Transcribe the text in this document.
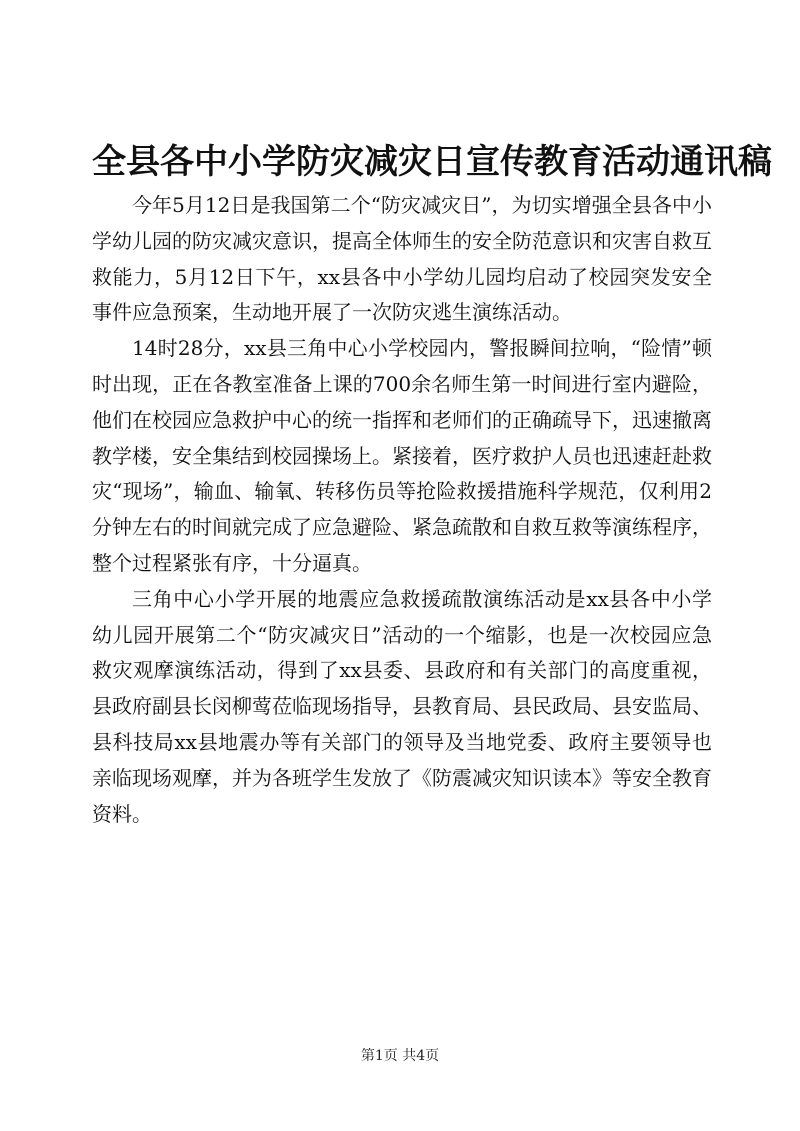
全县各中小学防灾减灾日宣传教育活动通讯稿

今年5月12日是我国第二个“防灾减灾日”，为切实增强全县各中小学幼儿园的防灾减灾意识，提高全体师生的安全防范意识和灾害自救互救能力，5月12日下午，xx县各中小学幼儿园均启动了校园突发安全事件应急预案，生动地开展了一次防灾逃生演练活动。

14时28分，xx县三角中心小学校园内，警报瞬间拉响，“险情”顿时出现，正在各教室准备上课的700余名师生第一时间进行室内避险，他们在校园应急救护中心的统一指挥和老师们的正确疏导下，迅速撤离教学楼，安全集结到校园操场上。紧接着，医疗救护人员也迅速赶赴救灾“现场”，输血、输氧、转移伤员等抢险救援措施科学规范，仅利用2分钟左右的时间就完成了应急避险、紧急疏散和自救互救等演练程序，整个过程紧张有序，十分逼真。

三角中心小学开展的地震应急救援疏散演练活动是xx县各中小学幼儿园开展第二个“防灾减灾日”活动的一个缩影，也是一次校园应急救灾观摩演练活动，得到了xx县委、县政府和有关部门的高度重视，县政府副县长闵柳莺莅临现场指导，县教育局、县民政局、县安监局、县科技局xx县地震办等有关部门的领导及当地党委、政府主要领导也亲临现场观摩，并为各班学生发放了《防震减灾知识读本》等安全教育资料。

第1页 共4页
